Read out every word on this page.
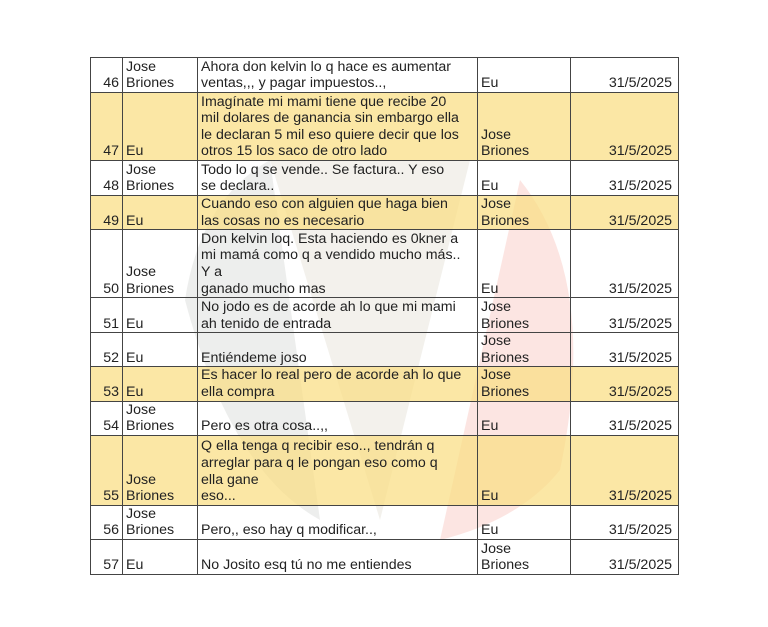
46	Jose
Briones	Ahora don kelvin lo q hace es aumentar
ventas,,, y pagar impuestos..,	Eu	31/5/2025
47	Eu	Imagínate mi mami tiene que recibe 20
mil dolares de ganancia sin embargo ella
le declaran 5 mil eso quiere decir que los
otros 15 los saco de otro lado	Jose
Briones	31/5/2025
48	Jose
Briones	Todo lo q se vende.. Se factura.. Y eso
se declara..	Eu	31/5/2025
49	Eu	Cuando eso con alguien que haga bien
las cosas no es necesario	Jose
Briones	31/5/2025
50	Jose
Briones	Don kelvin loq. Esta haciendo es 0kner a
mi mamá como q a vendido mucho más..
Y a
ganado mucho mas	Eu	31/5/2025
51	Eu	No jodo es de acorde ah lo que mi mami
ah tenido de entrada	Jose
Briones	31/5/2025
52	Eu	Entiéndeme joso	Jose
Briones	31/5/2025
53	Eu	Es hacer lo real pero de acorde ah lo que
ella compra	Jose
Briones	31/5/2025
54	Jose
Briones	Pero es otra cosa..,,	Eu	31/5/2025
55	Jose
Briones	Q ella tenga q recibir eso.., tendrán q
arreglar para q le pongan eso como q
ella gane
eso...	Eu	31/5/2025
56	Jose
Briones	Pero,, eso hay q modificar..,	Eu	31/5/2025
57	Eu	No Josito esq tú no me entiendes	Jose
Briones	31/5/2025
